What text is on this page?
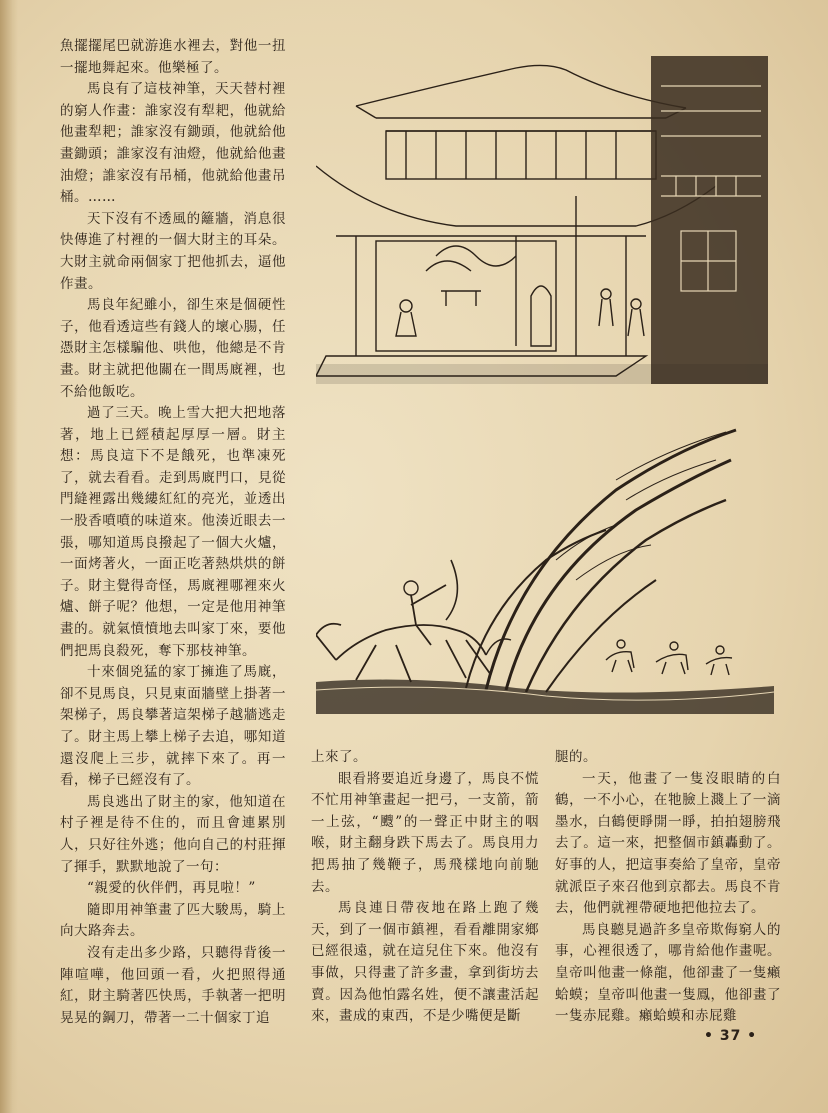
魚擺擺尾巴就游進水裡去，對他一扭一擺地舞起來。他樂極了。

馬良有了這枝神筆，天天替村裡的窮人作畫：誰家沒有犁耙，他就給他畫犁耙；誰家沒有鋤頭，他就給他畫鋤頭；誰家沒有油燈，他就給他畫油燈；誰家沒有吊桶，他就給他畫吊桶。……

天下沒有不透風的籬牆，消息很快傳進了村裡的一個大財主的耳朵。大財主就命兩個家丁把他抓去，逼他作畫。

馬良年紀雖小，卻生來是個硬性子，他看透這些有錢人的壞心腸，任憑財主怎樣騙他、哄他，他總是不肯畫。財主就把他關在一間馬廐裡，也不給他飯吃。

過了三天。晚上雪大把大把地落著，地上已經積起厚厚一層。財主想：馬良這下不是餓死，也準凍死了，就去看看。走到馬廐門口，見從門縫裡露出幾縷紅紅的亮光，並透出一股香噴噴的味道來。他湊近眼去一張，哪知道馬良撥起了一個大火爐，一面烤著火，一面正吃著熱烘烘的餅子。財主覺得奇怪，馬廐裡哪裡來火爐、餅子呢？他想，一定是他用神筆畫的。就氣憤憤地去叫家丁來，要他們把馬良殺死，奪下那枝神筆。

十來個兇猛的家丁擁進了馬廐，卻不見馬良，只見東面牆壁上掛著一架梯子，馬良攀著這架梯子越牆逃走了。財主馬上攀上梯子去追，哪知道還沒爬上三步，就摔下來了。再一看，梯子已經沒有了。

馬良逃出了財主的家，他知道在村子裡是待不住的，而且會連累別人，只好往外逃；他向自己的村莊揮了揮手，默默地說了一句：

“親愛的伙伴們，再見啦！”

隨即用神筆畫了匹大駿馬，騎上向大路奔去。

沒有走出多少路，只聽得背後一陣喧嘩，他回頭一看，火把照得通紅，財主騎著匹快馬，手執著一把明晃晃的鋼刀，帶著一二十個家丁追

上來了。

眼看將要追近身邊了，馬良不慌不忙用神筆畫起一把弓，一支箭，箭一上弦，“颼”的一聲正中財主的咽喉，財主翻身跌下馬去了。馬良用力把馬抽了幾鞭子，馬飛樣地向前馳去。

馬良連日帶夜地在路上跑了幾天，到了一個市鎮裡，看看離開家鄉已經很遠，就在這兒住下來。他沒有事做，只得畫了許多畫，拿到街坊去賣。因為他怕露名姓，便不讓畫活起來，畫成的東西，不是少嘴便是斷

腿的。

一天，他畫了一隻沒眼睛的白鶴，一不小心，在牠臉上濺上了一滴墨水，白鶴便睜開一睜，拍拍翅膀飛去了。這一來，把整個市鎮轟動了。好事的人，把這事奏給了皇帝，皇帝就派臣子來召他到京都去。馬良不肯去，他們就裡帶硬地把他拉去了。

馬良聽見過許多皇帝欺侮窮人的事，心裡很透了，哪肯給他作畫呢。皇帝叫他畫一條龍，他卻畫了一隻癩蛤蟆；皇帝叫他畫一隻鳳，他卻畫了一隻赤屁雞。癩蛤蟆和赤屁雞

• 37 •
